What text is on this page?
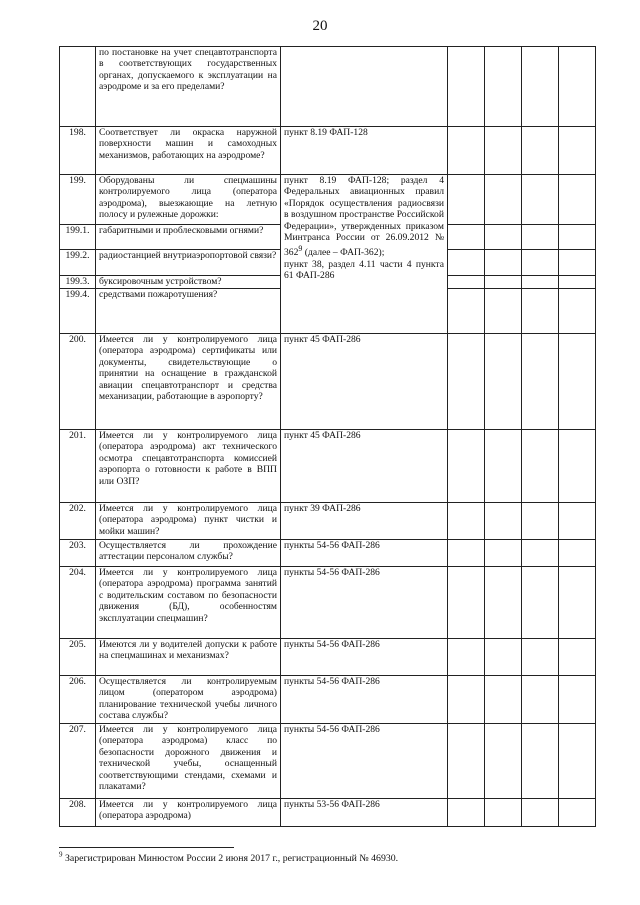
20
	по постановке на учет спецавтотранспорта в соответствующих государственных органах, допускаемого к эксплуатации на аэродроме и за его пределами?					
198.	Соответствует ли окраска наружной поверхности машин и самоходных механизмов, работающих на аэродроме?	пункт 8.19 ФАП-128				
199.	Оборудованы ли спецмашины контролируемого лица (оператора аэродрома), выезжающие на летную полосу и рулежные дорожки:	пункт 8.19 ФАП-128; раздел 4 Федеральных авиационных правил «Порядок осуществления радиосвязи в воздушном пространстве Российской Федерации», утвержденных приказом Минтранса России от 26.09.2012 № $362^9$ (далее – ФАП-362);
пункт 38, раздел 4.11 части 4 пункта 61 ФАП-286				
199.1.	габаритными и проблесковыми огнями?					
199.2.	радиостанцией внутриаэропортовой связи?					
199.3.	буксировочным устройством?					
199.4.	средствами пожаротушения?					
200.	Имеется ли у контролируемого лица (оператора аэродрома) сертификаты или документы, свидетельствующие о принятии на оснащение в гражданской авиации спецавтотранспорт и средства механизации, работающие в аэропорту?	пункт 45 ФАП-286				
201.	Имеется ли у контролируемого лица (оператора аэродрома) акт технического осмотра спецавтотранспорта комиссией аэропорта о готовности к работе в ВПП или ОЗП?	пункт 45 ФАП-286				
202.	Имеется ли у контролируемого лица (оператора аэродрома) пункт чистки и мойки машин?	пункт 39 ФАП-286				
203.	Осуществляется ли прохождение аттестации персоналом службы?	пункты 54-56 ФАП-286				
204.	Имеется ли у контролируемого лица (оператора аэродрома) программа занятий с водительским составом по безопасности движения (БД), особенностям эксплуатации спецмашин?	пункты 54-56 ФАП-286				
205.	Имеются ли у водителей допуски к работе на спецмашинах и механизмах?	пункты 54-56 ФАП-286				
206.	Осуществляется ли контролируемым лицом (оператором аэродрома) планирование технической учебы личного состава службы?	пункты 54-56 ФАП-286				
207.	Имеется ли у контролируемого лица (оператора аэродрома) класс по безопасности дорожного движения и технической учебы, оснащенный соответствующими стендами, схемами и плакатами?	пункты 54-56 ФАП-286				
208.	Имеется ли у контролируемого лица (оператора аэродрома)	пункты 53-56 ФАП-286				
$^9$ Зарегистрирован Минюстом России 2 июня 2017 г., регистрационный № 46930.
